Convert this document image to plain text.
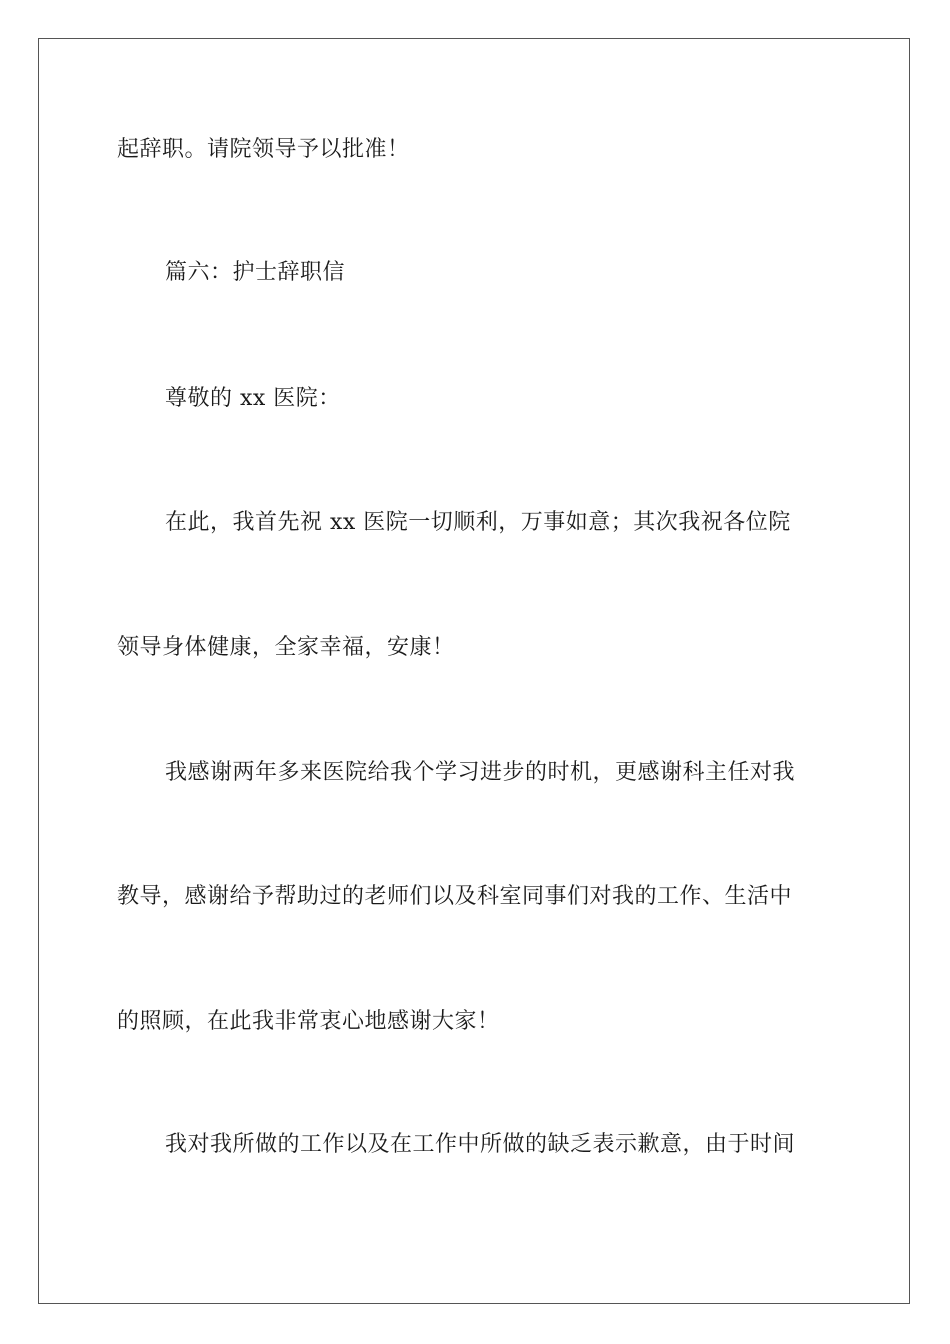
起辞职。请院领导予以批准！
篇六：护士辞职信
尊敬的 xx 医院：
在此，我首先祝 xx 医院一切顺利，万事如意；其次我祝各位院
领导身体健康，全家幸福，安康！
我感谢两年多来医院给我个学习进步的时机，更感谢科主任对我
教导，感谢给予帮助过的老师们以及科室同事们对我的工作、生活中
的照顾，在此我非常衷心地感谢大家！
我对我所做的工作以及在工作中所做的缺乏表示歉意，由于时间
